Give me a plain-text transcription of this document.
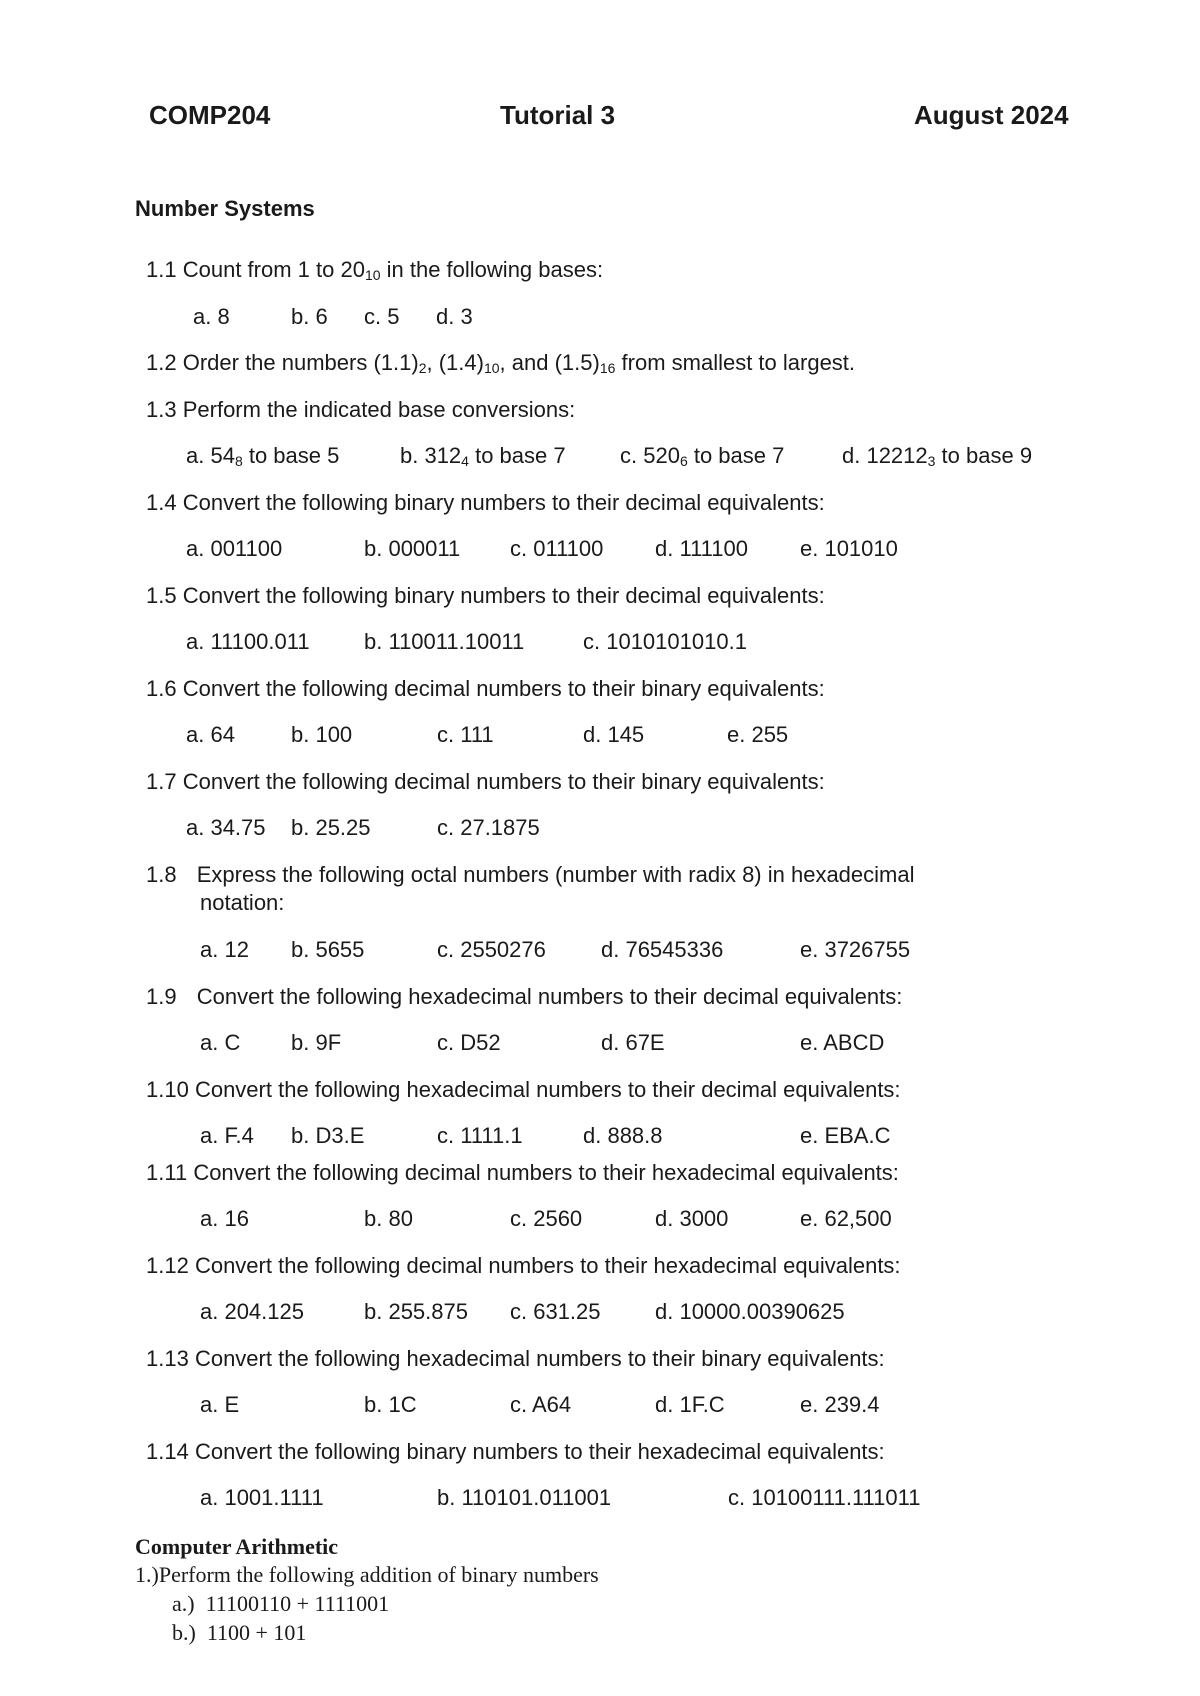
COMP204	Tutorial 3	August 2024
Number Systems
1.1 Count from 1 to $20_{10}$ in the following bases:
a. 8	b. 6 c. 5 d. 3
1.2 Order the numbers $(1.1)_2$, $(1.4)_{10}$, and $(1.5)_{16}$ from smallest to largest.
1.3 Perform the indicated base conversions:
a. $54_8$ to base 5	b. $312_4$ to base 7 c. $520_6$ to base 7	d. $12212_3$ to base 9
1.4 Convert the following binary numbers to their decimal equivalents:
a. 001100	b. 000011 c. 011100 d. 111100 e. 101010
1.5 Convert the following binary numbers to their decimal equivalents:
a. 11100.011 b. 110011.10011	c. 1010101010.1
1.6 Convert the following decimal numbers to their binary equivalents:
a. 64	b. 100	c. 111	d. 145	e. 255
1.7 Convert the following decimal numbers to their binary equivalents:
a. 34.75 b. 25.25	c. 27.1875
1.8 Express the following octal numbers (number with radix 8) in hexadecimal
notation:
a. 12 b. 5655	c. 2550276	d. 76545336	e. 3726755
1.9 Convert the following hexadecimal numbers to their decimal equivalents:
a. C b. 9F	c. D52	d. 67E	e. ABCD
1.10 Convert the following hexadecimal numbers to their decimal equivalents:
a. F.4 b. D3.E	c. 1111.1	d. 888.8	e. EBA.C
1.11 Convert the following decimal numbers to their hexadecimal equivalents:
a. 16	b. 80	c. 2560	d. 3000	e. 62,500
1.12 Convert the following decimal numbers to their hexadecimal equivalents:
a. 204.125	b. 255.875 c. 631.25 d. 10000.00390625
1.13 Convert the following hexadecimal numbers to their binary equivalents:
a. E	b. 1C	c. A64	d. 1F.C	e. 239.4
1.14 Convert the following binary numbers to their hexadecimal equivalents:
a. 1001.1111	b. 110101.011001	c. 10100111.111011
Computer Arithmetic
1.)Perform the following addition of binary numbers
a.)  11100110 + 1111001
b.)  1100 + 101
